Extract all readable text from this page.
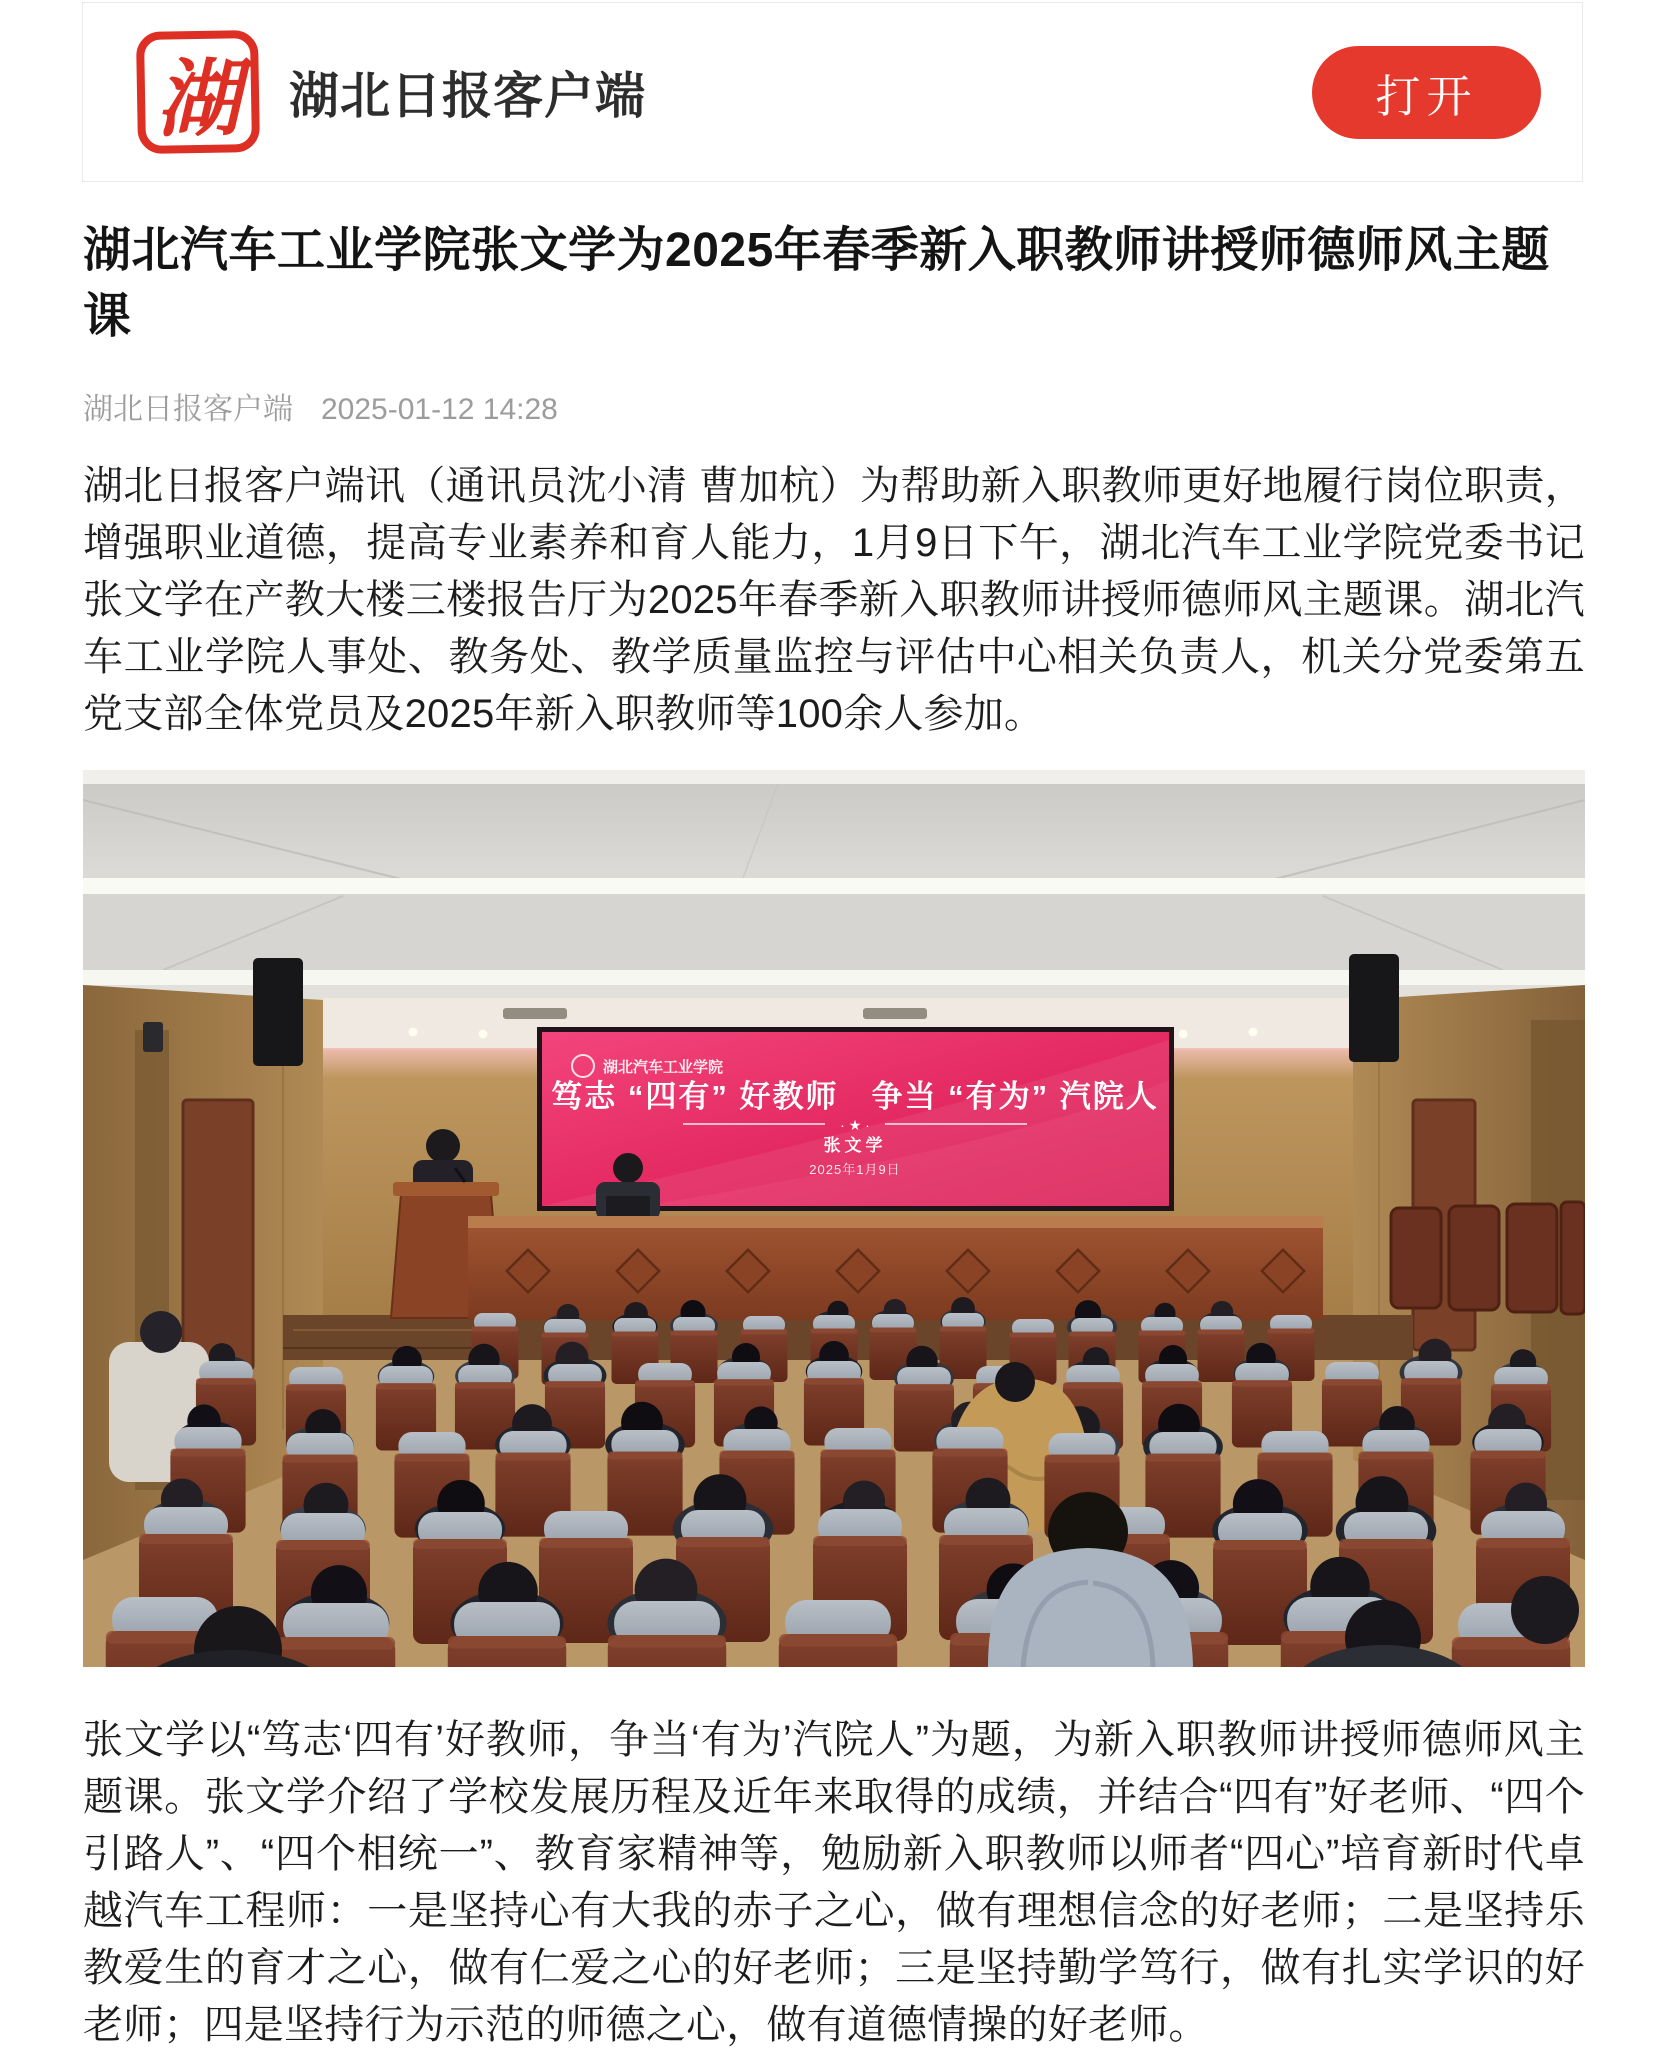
湖 湖北日报客户端	打开
湖北汽车工业学院张文学为2025年春季新入职教师讲授师德师风主题课
湖北日报客户端 2025-01-12 14:28

湖北日报客户端讯（通讯员沈小清 曹加杭）为帮助新入职教师更好地履行岗位职责，增强职业道德，提高专业素养和育人能力，1月9日下午，湖北汽车工业学院党委书记张文学在产教大楼三楼报告厅为2025年春季新入职教师讲授师德师风主题课。湖北汽车工业学院人事处、教务处、教学质量监控与评估中心相关负责人，机关分党委第五党支部全体党员及2025年新入职教师等100余人参加。

湖北汽车工业学院
笃志 “四有” 好教师　争当 “有为” 汽院人
· ★ ·
张文学
2025年1月9日

张文学以“笃志‘四有’好教师，争当‘有为’汽院人”为题，为新入职教师讲授师德师风主题课。张文学介绍了学校发展历程及近年来取得的成绩，并结合“四有”好老师、“四个引路人”、“四个相统一”、教育家精神等，勉励新入职教师以师者“四心”培育新时代卓越汽车工程师：一是坚持心有大我的赤子之心，做有理想信念的好老师；二是坚持乐教爱生的育才之心，做有仁爱之心的好老师；三是坚持勤学笃行，做有扎实学识的好老师；四是坚持行为示范的师德之心，做有道德情操的好老师。
